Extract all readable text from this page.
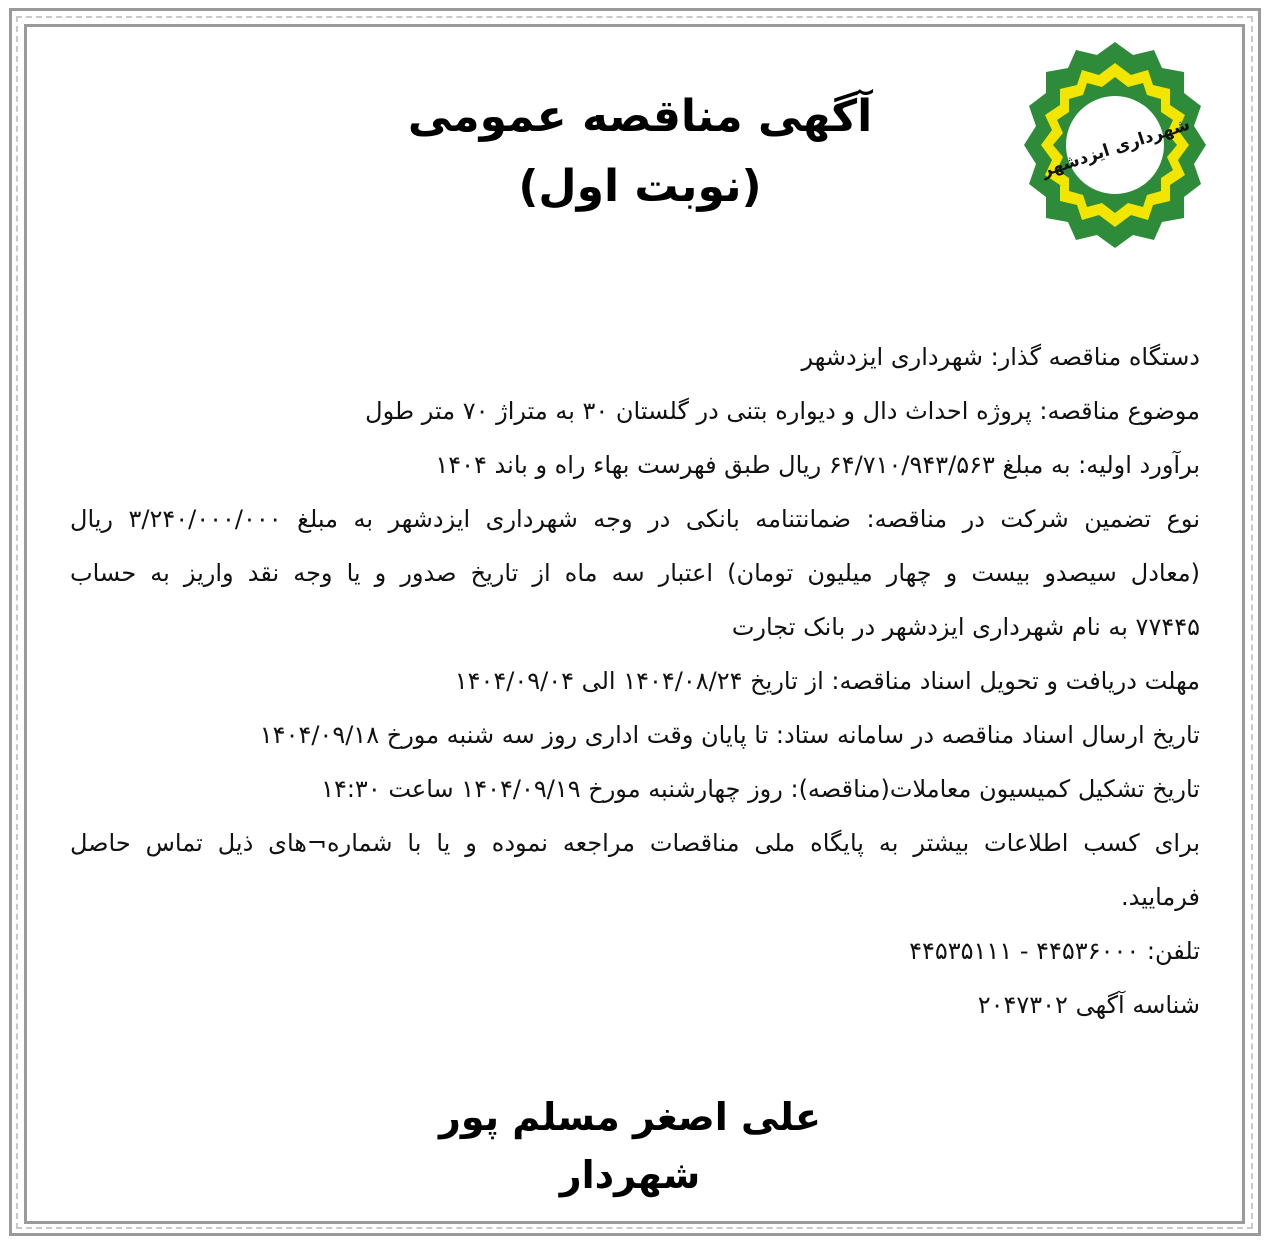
شهرداری ایزدشهر
آگهی مناقصه عمومی
(نوبت اول)
دستگاه مناقصه گذار: شهرداری ایزدشهر
موضوع مناقصه: پروژه احداث دال و دیواره بتنی در گلستان ۳۰ به متراژ ۷۰ متر طول
برآورد اولیه: به مبلغ ۶۴/۷۱۰/۹۴۳/۵۶۳ ریال طبق فهرست بهاء راه و باند ۱۴۰۴
نوع تضمین شرکت در مناقصه: ضمانتنامه بانکی در وجه شهرداری ایزدشهر به مبلغ ۳/۲۴۰/۰۰۰/۰۰۰ ریال
(معادل سیصدو بیست و چهار میلیون تومان) اعتبار سه ماه از تاریخ صدور و یا وجه نقد واریز به حساب
۷۷۴۴۵ به نام شهرداری ایزدشهر در بانک تجارت
مهلت دریافت و تحویل اسناد مناقصه: از تاریخ ۱۴۰۴/۰۸/۲۴ الی ۱۴۰۴/۰۹/۰۴
تاریخ ارسال اسناد مناقصه در سامانه ستاد: تا پایان وقت اداری روز سه شنبه مورخ ۱۴۰۴/۰۹/۱۸
تاریخ تشکیل کمیسیون معاملات(مناقصه): روز چهارشنبه مورخ ۱۴۰۴/۰۹/۱۹ ساعت ۱۴:۳۰
برای کسب اطلاعات بیشتر به پایگاه ملی مناقصات مراجعه نموده و یا با شماره¬های ذیل تماس حاصل
فرمایید.
تلفن: ۴۴۵۳۶۰۰۰ - ۴۴۵۳۵۱۱۱
شناسه آگهی ۲۰۴۷۳۰۲
علی اصغر مسلم پور
شهردار
